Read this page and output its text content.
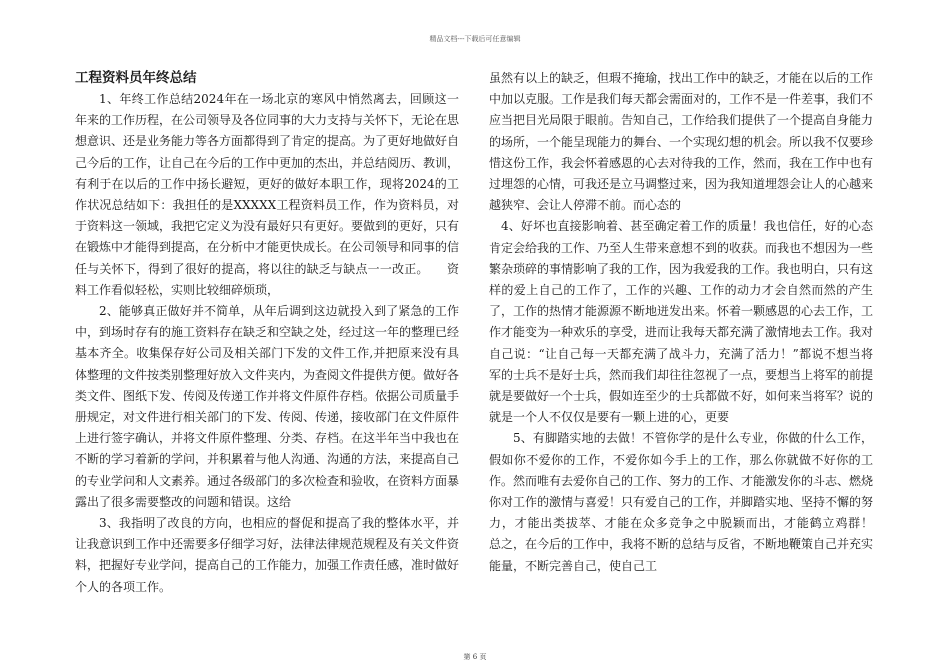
精品文档---下载后可任意编辑
工程资料员年终总结

1、年终工作总结2024年在一场北京的寒风中悄然离去，回顾这一年来的工作历程，在公司领导及各位同事的大力支持与关怀下，无论在思想意识、还是业务能力等各方面都得到了肯定的提高。为了更好地做好自己今后的工作，让自己在今后的工作中更加的杰出，并总结阅历、教训，有利于在以后的工作中扬长避短，更好的做好本职工作，现将2024的工作状况总结如下：我担任的是XXXXX工程资料员工作，作为资料员，对于资料这一领域，我把它定义为没有最好只有更好。要做到的更好，只有在锻炼中才能得到提高，在分析中才能更快成长。在公司领导和同事的信任与关怀下，得到了很好的提高，将以往的缺乏与缺点一一改正。　　资料工作看似轻松，实则比较细碎烦琐，

2、能够真正做好并不简单，从年后调到这边就投入到了紧急的工作中，到场时存有的施工资料存在缺乏和空缺之处，经过这一年的整理已经基本齐全。收集保存好公司及相关部门下发的文件工作,并把原来没有具体整理的文件按类别整理好放入文件夹内，为查阅文件提供方便。做好各类文件、图纸下发、传阅及传递工作并将文件原件存档。依据公司质量手册规定，对文件进行相关部门的下发、传阅、传递，接收部门在文件原件上进行签字确认，并将文件原件整理、分类、存档。在这半年当中我也在不断的学习着新的学问，并积累着与他人沟通、沟通的方法，来提高自己的专业学问和人文素养。通过各级部门的多次检查和验收，在资料方面暴露出了很多需要整改的问题和错误。这给

3、我指明了改良的方向，也相应的督促和提高了我的整体水平，并让我意识到工作中还需要多仔细学习好，法律法律规范规程及有关文件资料，把握好专业学问，提高自己的工作能力，加强工作责任感，准时做好个人的各项工作。

虽然有以上的缺乏，但瑕不掩瑜，找出工作中的缺乏，才能在以后的工作中加以克服。工作是我们每天都会需面对的，工作不是一件差事，我们不应当把目光局限于眼前。告知自己，工作给我们提供了一个提高自身能力的场所，一个能呈现能力的舞台、一个实现幻想的机会。所以我不仅要珍惜这份工作，我会怀着感恩的心去对待我的工作，然而，我在工作中也有过埋怨的心情，可我还是立马调整过来，因为我知道埋怨会让人的心越来越狭窄、会让人停滞不前。而心态的

4、好坏也直接影响着、甚至确定着工作的质量！我也信任，好的心态肯定会给我的工作、乃至人生带来意想不到的收获。而我也不想因为一些繁杂琐碎的事情影响了我的工作，因为我爱我的工作。我也明白，只有这样的爱上自己的工作了，工作的兴趣、工作的动力才会自然而然的产生了，工作的热情才能源源不断地迸发出来。怀着一颗感恩的心去工作，工作才能变为一种欢乐的享受，进而让我每天都充满了激情地去工作。我对自己说：“让自己每一天都充满了战斗力，充满了活力！”都说不想当将军的士兵不是好士兵，然而我们却往往忽视了一点，要想当上将军的前提就是要做好一个士兵，假如连至少的士兵都做不好，如何来当将军？说的就是一个人不仅仅是要有一颗上进的心，更要

5、有脚踏实地的去做！不管你学的是什么专业，你做的什么工作，假如你不爱你的工作，不爱你如今手上的工作，那么你就做不好你的工作。然而唯有去爱你自己的工作、努力的工作、才能激发你的斗志、燃烧你对工作的激情与喜爱！只有爱自己的工作，并脚踏实地、坚持不懈的努力，才能出类拔萃、才能在众多竞争之中脱颖而出，才能鹤立鸡群！　　总之，在今后的工作中，我将不断的总结与反省，不断地鞭策自己并充实能量，不断完善自己，使自己工

第 6 页
